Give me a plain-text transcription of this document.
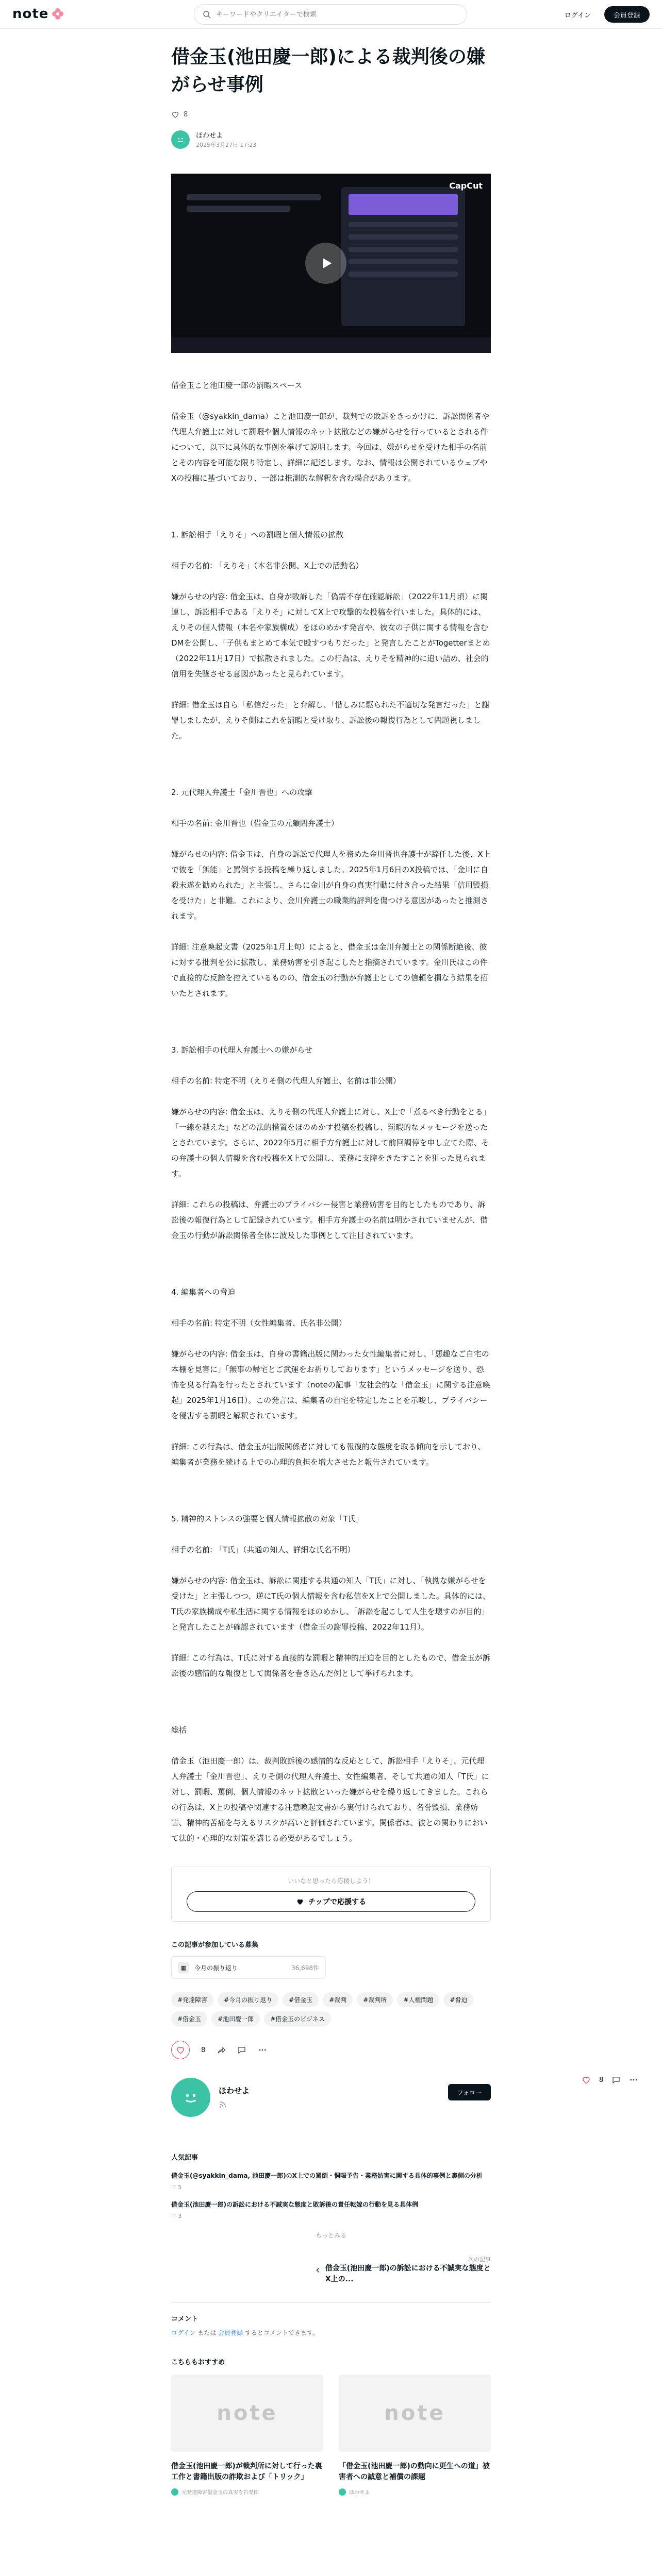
note
キーワードやクリエイターで検索	ログイン	会員登録
借金玉(池田慶一郎)による裁判後の嫌がらせ事例
8
ほわせよ
2025年3月27日 17:23
CapCut

借金玉こと池田慶一郎の罰暇スペース

借金玉（@syakkin_dama）こと池田慶一郎が、裁判での敗訴をきっかけに、訴訟関係者や代理人弁護士に対して罰暇や個人情報のネット拡散などの嫌がらせを行っているとされる件について、以下に具体的な事例を挙げて説明します。今回は、嫌がらせを受けた相手の名前とその内容を可能な限り特定し、詳細に記述します。なお、情報は公開されているウェブやXの投稿に基づいており、一部は推測的な解釈を含む場合があります。

1. 訴訟相手「えりそ」への罰暇と個人情報の拡散

相手の名前: 「えりそ」（本名非公開、X上での活動名）

嫌がらせの内容: 借金玉は、自身が敗訴した「偽需不存在確認訴訟」（2022年11月頃）に関連し、訴訟相手である「えりそ」に対してX上で攻撃的な投稿を行いました。具体的には、えりその個人情報（本名や家族構成）をほのめかす発言や、彼女の子供に関する情報を含むDMを公開し、「子供もまとめて本気で殴すつもりだった」と発言したことがTogetterまとめ（2022年11月17日）で拡散されました。この行為は、えりそを精神的に追い詰め、社会的信用を失墜させる意図があったと見られています。

詳細: 借金玉は自ら「私信だった」と弁解し、「惜しみに駆られた不適切な発言だった」と謝罪しましたが、えりそ側はこれを罰暇と受け取り、訴訟後の報復行為として問題視しました。

2. 元代理人弁護士「金川晋也」への攻撃

相手の名前: 金川晋也（借金玉の元顧問弁護士）

嫌がらせの内容: 借金玉は、自身の訴訟で代理人を務めた金川晋也弁護士が辞任した後、X上で彼を「無能」と罵倒する投稿を繰り返しました。2025年1月6日のX投稿では、「金川に自殺未遂を勧められた」と主張し、さらに金川が自身の真実行動に付き合った結果「信用毀損を受けた」と非難。これにより、金川弁護士の職業的評判を傷つける意図があったと推測されます。

詳細: 注意喚起文書（2025年1月上旬）によると、借金玉は金川弁護士との関係断絶後、彼に対する批判を公に拡散し、業務妨害を引き起こしたと指摘されています。金川氏はこの件で直接的な反論を控えているものの、借金玉の行動が弁護士としての信頼を損なう結果を招いたとされます。

3. 訴訟相手の代理人弁護士への嫌がらせ

相手の名前: 特定不明（えりそ側の代理人弁護士、名前は非公開）

嫌がらせの内容: 借金玉は、えりそ側の代理人弁護士に対し、X上で「煮るべき行動をとる」「一線を越えた」などの法的措置をほのめかす投稿を投稿し、罰暇的なメッセージを送ったとされています。さらに、2022年5月に相手方弁護士に対して前回調停を申し立てた際、その弁護士の個人情報を含む投稿をX上で公開し、業務に支障をきたすことを狙った見られます。

詳細: これらの投稿は、弁護士のプライバシー侵害と業務妨害を目的としたものであり、訴訟後の報復行為として記録されています。相手方弁護士の名前は明かされていませんが、借金玉の行動が訴訟関係者全体に波及した事例として注目されています。

4. 編集者への脅迫

相手の名前: 特定不明（女性編集者、氏名非公開）

嫌がらせの内容: 借金玉は、自身の書籍出版に関わった女性編集者に対し、「悪趣なご自宅の本棚を見害に」「無事の帰宅とご武運をお祈りしております」というメッセージを送り、恐怖を臭る行為を行ったとされています（noteの記事「友社会的な「借金玉」に関する注意喚起」2025年1月16日）。この発言は、編集者の自宅を特定したことを示唆し、プライバシーを侵害する罰暇と解釈されています。

詳細: この行為は、借金玉が出版関係者に対しても報復的な態度を取る傾向を示しており、編集者が業務を続ける上での心理的負担を増大させたと報告されています。

5. 精神的ストレスの強要と個人情報拡散の対象「T氏」

相手の名前: 「T氏」（共通の知人、詳細な氏名不明）

嫌がらせの内容: 借金玉は、訴訟に関連する共通の知人「T氏」に対し、「執拗な嫌がらせを受けた」と主張しつつ、逆にT氏の個人情報を含む私信をX上で公開しました。具体的には、T氏の家族構成や私生活に関する情報をほのめかし、「訴訟を起こして人生を壊すのが目的」と発言したことが確認されています（借金玉の謝罪投稿、2022年11月）。

詳細: この行為は、T氏に対する直接的な罰暇と精神的圧迫を目的としたもので、借金玉が訴訟後の感情的な報復として関係者を巻き込んだ例として挙げられます。

総括

借金玉（池田慶一郎）は、裁判敗訴後の感情的な反応として、訴訟相手「えりそ」、元代理人弁護士「金川晋也」、えりそ側の代理人弁護士、女性編集者、そして共通の知人「T氏」に対し、罰暇、罵倒、個人情報のネット拡散といった嫌がらせを繰り返してきました。これらの行為は、X上の投稿や関連する注意喚起文書から裏付けられており、名誉毀損、業務妨害、精神的苦痛を与えるリスクが高いと評価されています。関係者は、彼との関わりにおいて法的・心理的な対策を講じる必要があるでしょう。

いいなと思ったら応援しよう！
チップで応援する
この記事が参加している募集
▦	今月の振り返り	36,698件
#発達障害	#今月の振り返り	#借金玉	#裁判	#裁判所	#人権問題	#脅迫
#借金玉	#池田慶一郎	#借金玉のビジネス
8
ほわせよ	フォロー
人気記事
借金玉(@syakkin_dama, 池田慶一郎)のX上での罵倒・恫喝予告・業務妨害に関する具体的事例と裏側の分析
♡ 5
借金玉(池田慶一郎)の訴訟における不誠実な態度と敗訴後の責任転嫁の行動を見る具体例
♡ 3
もっとみる
‹
次の記事
借金玉(池田慶一郎)の訴訟における不誠実な態度とX上の...
コメント
ログイン または 会員登録 するとコメントできます。
こちらもおすすめ
note
借金玉(池田慶一郎)が裁判所に対して行った裏工作と書籍出版の詐欺および「トリック」
元発達障害借金玉の真実を告発団
note
「借金玉(池田慶一郎)の動向に更生への道」被害者への誠意と補償の課題
ほわせよ
8
